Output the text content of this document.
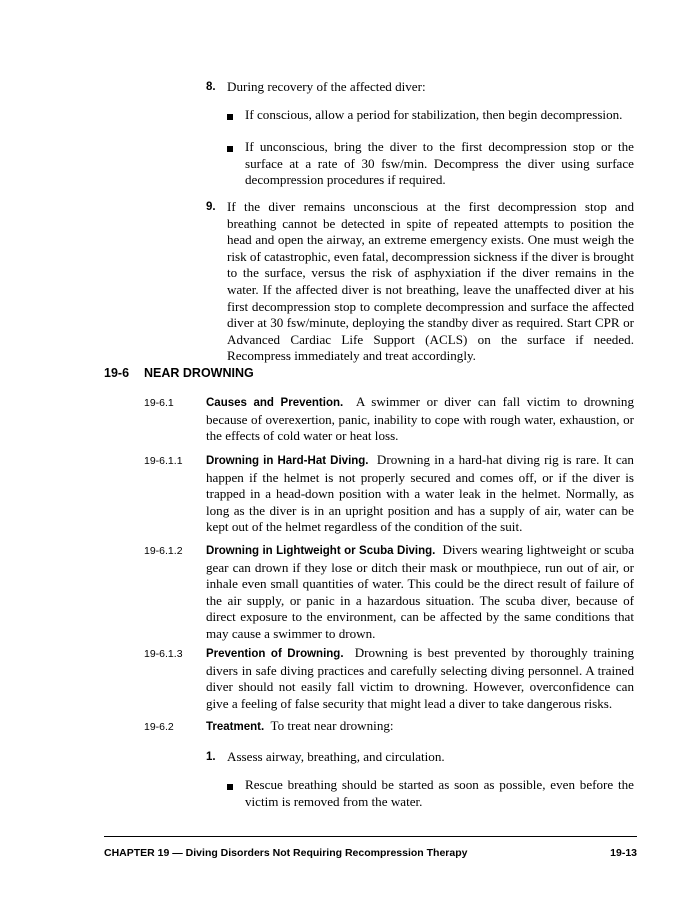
8. During recovery of the affected diver:
If conscious, allow a period for stabilization, then begin decompression.
If unconscious, bring the diver to the first decompression stop or the surface at a rate of 30 fsw/min. Decompress the diver using surface decompression procedures if required.
9. If the diver remains unconscious at the first decompression stop and breathing cannot be detected in spite of repeated attempts to position the head and open the airway, an extreme emergency exists. One must weigh the risk of catastrophic, even fatal, decompression sickness if the diver is brought to the surface, versus the risk of asphyxiation if the diver remains in the water. If the affected diver is not breathing, leave the unaffected diver at his first decompression stop to complete decompression and surface the affected diver at 30 fsw/minute, deploying the standby diver as required. Start CPR or Advanced Cardiac Life Support (ACLS) on the surface if needed. Recompress immediately and treat accordingly.
19-6 NEAR DROWNING
19-6.1	Causes and Prevention. A swimmer or diver can fall victim to drowning because of overexertion, panic, inability to cope with rough water, exhaustion, or the effects of cold water or heat loss.
19-6.1.1 Drowning in Hard-Hat Diving. Drowning in a hard-hat diving rig is rare. It can happen if the helmet is not properly secured and comes off, or if the diver is trapped in a head-down position with a water leak in the helmet. Normally, as long as the diver is in an upright position and has a supply of air, water can be kept out of the helmet regardless of the condition of the suit.
19-6.1.2 Drowning in Lightweight or Scuba Diving. Divers wearing lightweight or scuba gear can drown if they lose or ditch their mask or mouthpiece, run out of air, or inhale even small quantities of water. This could be the direct result of failure of the air supply, or panic in a hazardous situation. The scuba diver, because of direct exposure to the environment, can be affected by the same conditions that may cause a swimmer to drown.
19-6.1.3 Prevention of Drowning. Drowning is best prevented by thoroughly training divers in safe diving practices and carefully selecting diving personnel. A trained diver should not easily fall victim to drowning. However, overconfidence can give a feeling of false security that might lead a diver to take dangerous risks.
19-6.2	Treatment. To treat near drowning:
1. Assess airway, breathing, and circulation.
Rescue breathing should be started as soon as possible, even before the victim is removed from the water.
CHAPTER 19 — Diving Disorders Not Requiring Recompression Therapy	19-13
